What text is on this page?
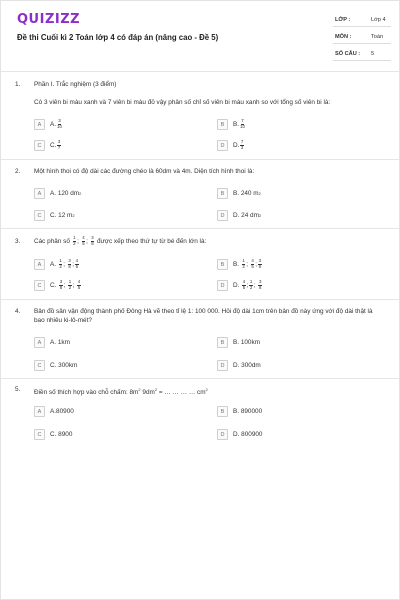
QUIZIZZ
Đề thi Cuối kì 2 Toán lớp 4 có đáp án (nâng cao - Đề 5)
LỚP :	Lớp 4
MÔN :	Toán
SỐ CÂU : 5
1. Phần I. Trắc nghiệm (3 điểm)
Có 3 viên bi màu xanh và 7 viên bi màu đỏ vậy phân số chỉ số viên bi màu xanh so với tổng số viên bi là:
A	A. $\frac{3}{10}$	B	B. $\frac{7}{10}$
C	C. $\frac{3}{7}$	D	D. $\frac{7}{3}$
2. Một hình thoi có độ dài các đường chéo là 60dm và 4m. Diện tích hình thoi là:
A	A. 120 dm 2	B	B. 240 m 2
C	C. 12 m 2	D	D. 24 dm 2
3. Các phân số
$\frac{1}{2}$ ; $\frac{4}{5}$ ; $\frac{3}{8}$
được xếp theo thứ tự từ bé đến lớn là:
A	A.
$\frac{1}{2}$ ; $\frac{3}{8}$ ; $\frac{4}{5}$	B	B.
$\frac{1}{2}$ ; $\frac{4}{5}$ ; $\frac{3}{8}$
C	C.
$\frac{3}{8}$ ; $\frac{1}{2}$ ; $\frac{4}{5}$	D	D.
$\frac{4}{5}$ ; $\frac{1}{2}$ ; $\frac{3}{8}$
4. Bản đồ sân vận động thành phố Đông Hà vẽ theo tỉ lệ 1: 100 000. Hỏi độ dài 1cm trên bản đồ này ứng với độ dài thật là bao nhiêu ki-lô-mét?
A	A. 1km	B	B. 100km
C	C. 300km	D	D. 300dm
5. Điền số thích hợp vào chỗ chấm: $8m^2$ $9dm^2$ = … … … … $cm^2$
A	A.80900	B	B. 890000
C	C. 8900	D	D. 800900
